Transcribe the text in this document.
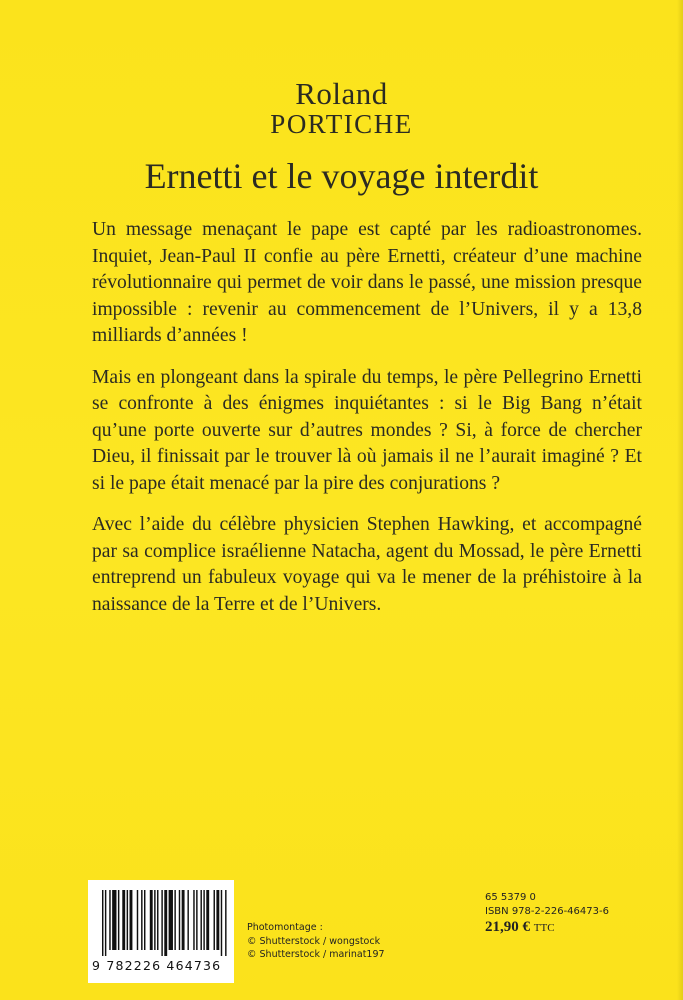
Roland
PORTICHE
Ernetti et le voyage interdit

Un message menaçant le pape est capté par les radioastronomes. Inquiet, Jean-Paul II confie au père Ernetti, créateur d’une machine révolutionnaire qui permet de voir dans le passé, une mission presque impossible : revenir au commencement de l’Univers, il y a 13,8 milliards d’années !

Mais en plongeant dans la spirale du temps, le père Pellegrino Ernetti se confronte à des énigmes inquiétantes : si le Big Bang n’était qu’une porte ouverte sur d’autres mondes ? Si, à force de chercher Dieu, il finissait par le trouver là où jamais il ne l’aurait imaginé ? Et si le pape était menacé par la pire des conjurations ?

Avec l’aide du célèbre physicien Stephen Hawking, et accompagné par sa complice israélienne Natacha, agent du Mossad, le père Ernetti entreprend un fabuleux voyage qui va le mener de la préhistoire à la naissance de la Terre et de l’Univers.

9 782226 464736
Photomontage :
© Shutterstock / wongstock
© Shutterstock / marinat197
65 5379 0
ISBN 978-2-226-46473-6
21,90 € TTC
